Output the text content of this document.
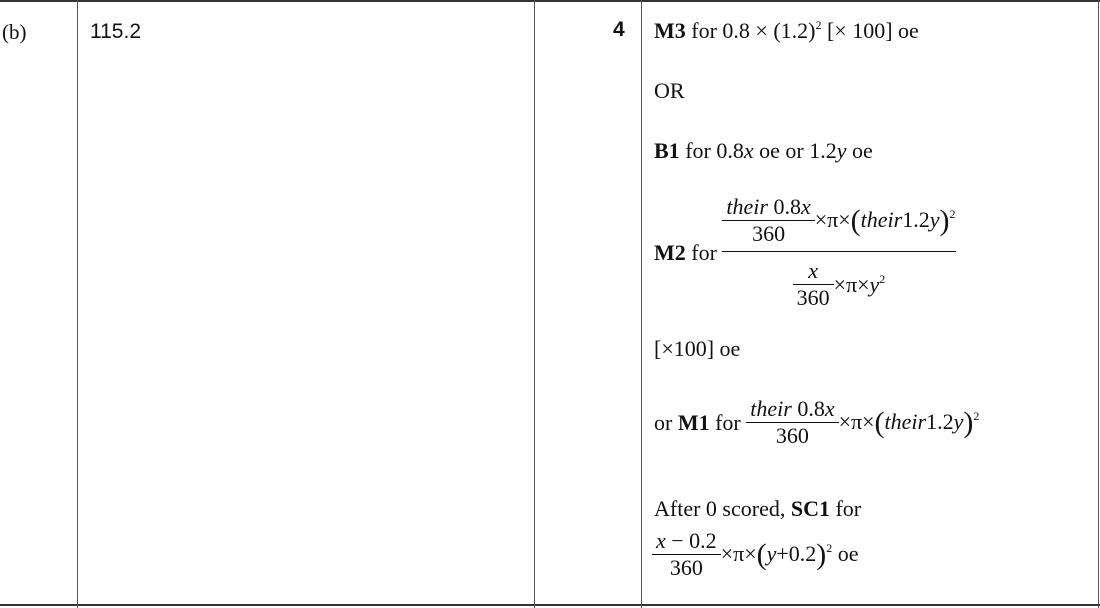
(b)	115.2	4 M3 for $0.8 \times (1.2)^2$ [× 100] oe
OR
B1 for 0.8x oe or 1.2y oe
M2 for $\frac{\frac{\text{their 0.8x}}{360} \times\pi\times(their1.2y)^2}{\frac{x}{360} \times\pi\times y^2}$
[×100] oe
or M1 for $\frac{\text{their 0.8x}}{360}$ ×π×(their1.2y)$^2$
After 0 scored, SC1 for
$\frac{x - 0.2}{360} \times\pi\times(y+0.2)^2$ oe
